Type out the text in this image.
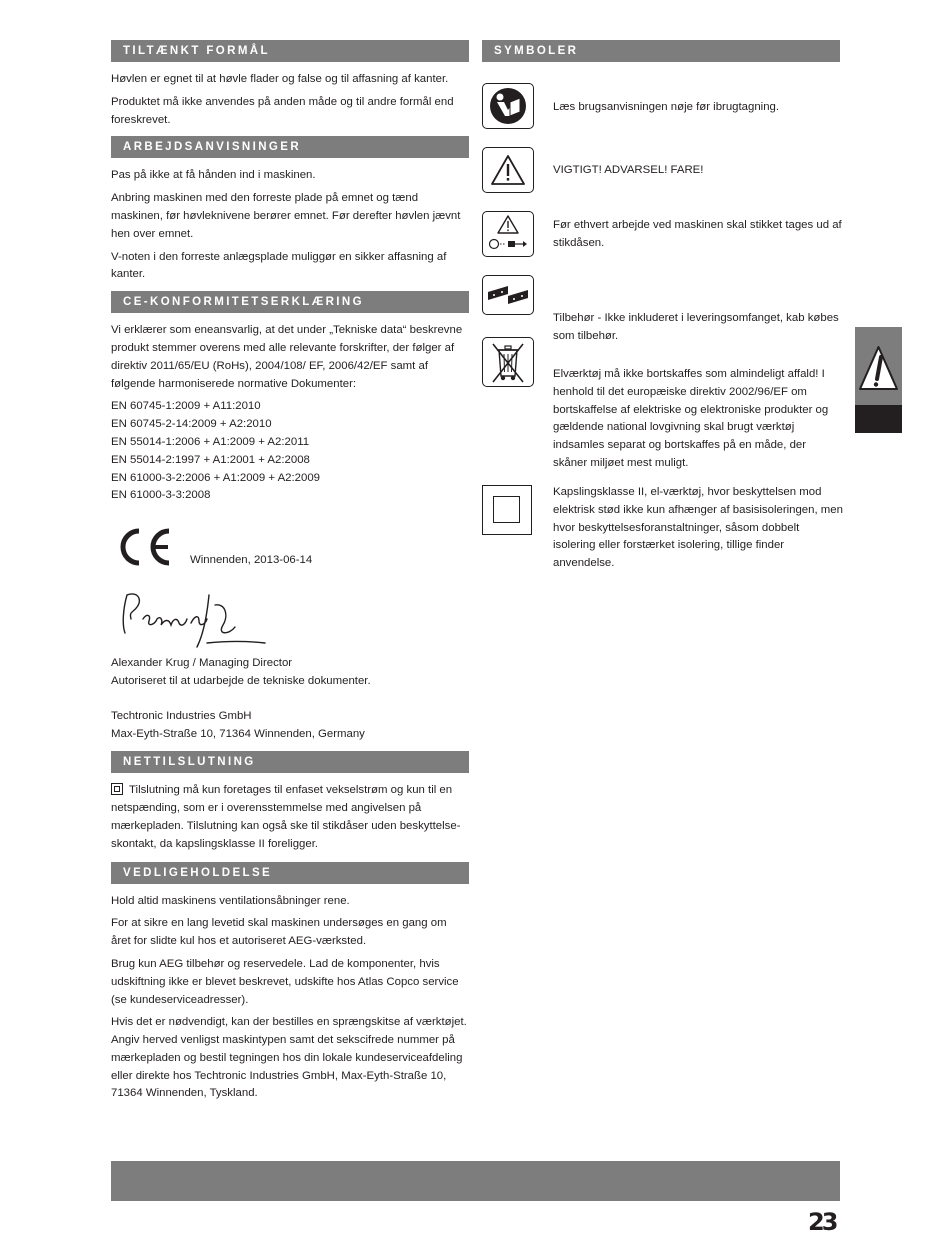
TILTÆNKT FORMÅL

Høvlen er egnet til at høvle flader og false og til affasning af kanter.

Produktet må ikke anvendes på anden måde og til andre formål end foreskrevet.

ARBEJDSANVISNINGER

Pas på ikke at få hånden ind i maskinen.

Anbring maskinen med den forreste plade på emnet og tænd maskinen, før høvleknivene berører emnet. Før derefter høvlen jævnt hen over emnet.

V-noten i den forreste anlægsplade muliggør en sikker affasning af kanter.

CE-KONFORMITETSERKLÆRING

Vi erklærer som eneansvarlig, at det under „Tekniske data“ beskrevne produkt stemmer overens med alle relevante forskrifter, der følger af direktiv 2011/65/EU (RoHs), 2004/108/ EF, 2006/42/EF samt af følgende harmoniserede normative Dokumenter:

EN 60745-1:2009 + A11:2010

EN 60745-2-14:2009 + A2:2010

EN 55014-1:2006 + A1:2009 + A2:2011

EN 55014-2:1997 + A1:2001 + A2:2008

EN 61000-3-2:2006 + A1:2009 + A2:2009

EN 61000-3-3:2008

Winnenden, 2013-06-14

Alexander Krug / Managing Director

Autoriseret til at udarbejde de tekniske dokumenter.

Techtronic Industries GmbH

Max-Eyth-Straße 10, 71364 Winnenden, Germany

NETTILSLUTNING

Tilslutning må kun foretages til enfaset vekselstrøm og kun til en netspænding, som er i overensstemmelse med angivelsen på mærkepladen. Tilslutning kan også ske til stikdåser uden beskyttelse-skontakt, da kapslingsklasse II foreligger.

VEDLIGEHOLDELSE

Hold altid maskinens ventilationsåbninger rene.

For at sikre en lang levetid skal maskinen undersøges en gang om året for slidte kul hos et autoriseret AEG-værksted.

Brug kun AEG tilbehør og reservedele. Lad de komponenter, hvis udskiftning ikke er blevet beskrevet, udskifte hos Atlas Copco service (se kundeserviceadresser).

Hvis det er nødvendigt, kan der bestilles en sprængskitse af værktøjet. Angiv herved venligst maskintypen samt det sekscifrede nummer på mærkepladen og bestil tegningen hos din lokale kundeserviceafdeling eller direkte hos Techtronic Industries GmbH, Max-Eyth-Straße 10, 71364 Winnenden, Tyskland.

SYMBOLER
Læs brugsanvisningen nøje før ibrugtagning.
VIGTIGT! ADVARSEL! FARE!
Før ethvert arbejde ved maskinen skal stikket tages ud af stikdåsen.
Tilbehør - Ikke inkluderet i leveringsomfanget, kab købes som tilbehør.
Elværktøj må ikke bortskaffes som almindeligt affald! I henhold til det europæiske direktiv 2002/96/EF om bortskaffelse af elektriske og elektroniske produkter og gældende national lovgivning skal brugt værktøj indsamles separat og bortskaffes på en måde, der skåner miljøet mest muligt.
Kapslingsklasse II, el-værktøj, hvor beskyttelsen mod elektrisk stød ikke kun afhænger af basisisoleringen, men hvor beskyttelsesforanstaltninger, såsom dobbelt isolering eller forstærket isolering, tillige finder anvendelse.
23
